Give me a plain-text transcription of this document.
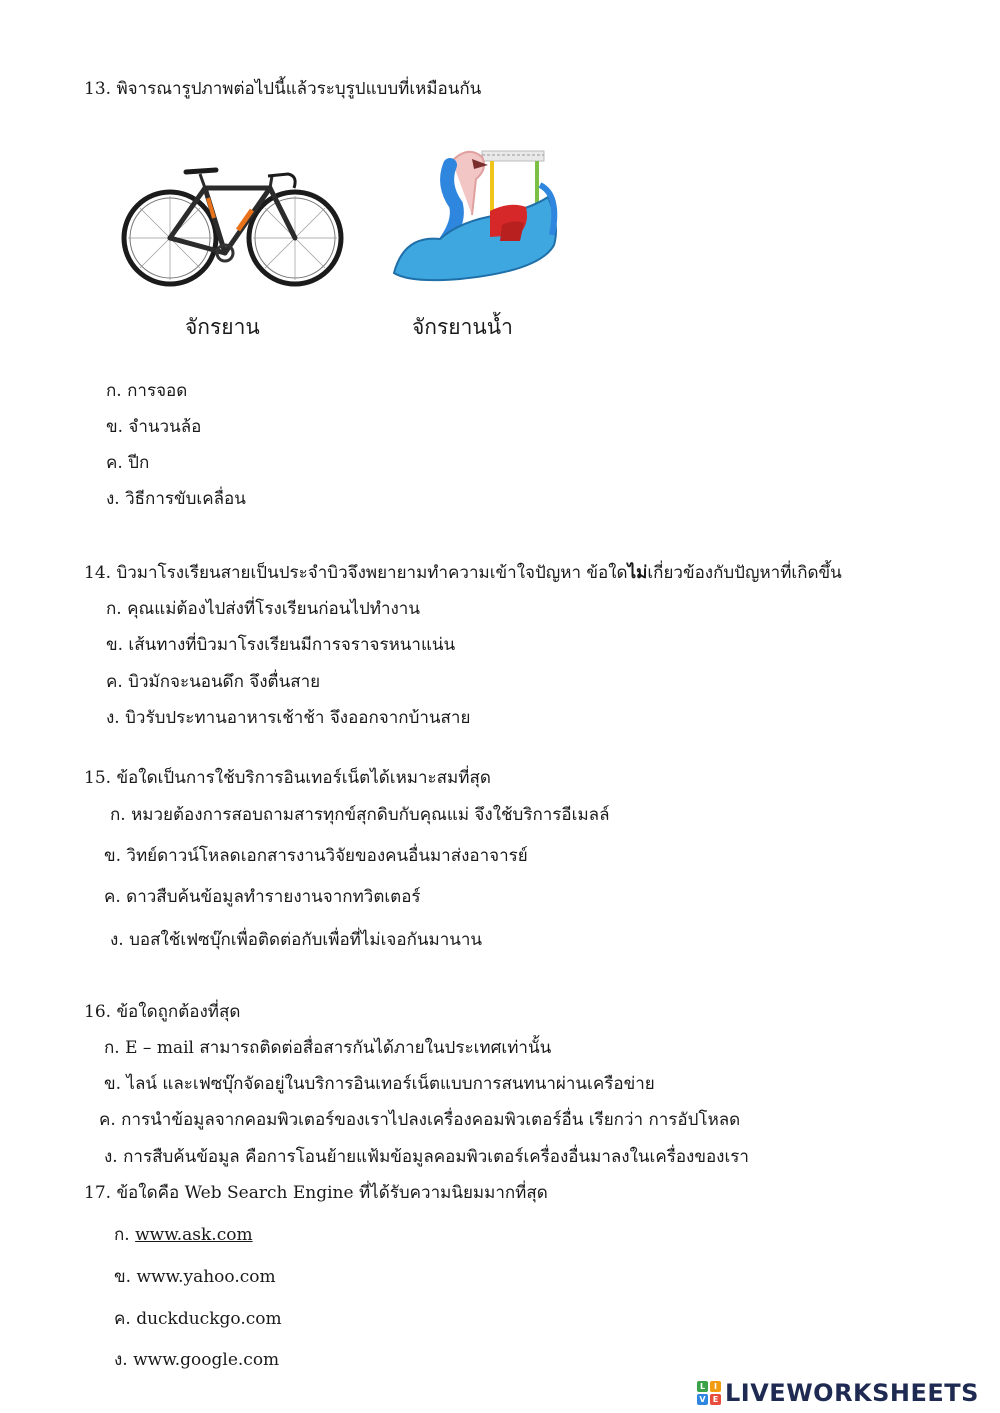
13. พิจารณารูปภาพต่อไปนี้แล้วระบุรูปแบบที่เหมือนกัน
จักรยาน	จักรยานน้ำ
ก. การจอด
ข. จำนวนล้อ
ค. ปีก
ง. วิธีการขับเคลื่อน
14. บิวมาโรงเรียนสายเป็นประจำบิวจึงพยายามทำความเข้าใจปัญหา ข้อใดไม่เกี่ยวข้องกับปัญหาที่เกิดขึ้น
ก. คุณแม่ต้องไปส่งที่โรงเรียนก่อนไปทำงาน
ข. เส้นทางที่บิวมาโรงเรียนมีการจราจรหนาแน่น
ค. บิวมักจะนอนดึก จึงตื่นสาย
ง. บิวรับประทานอาหารเช้าช้า จึงออกจากบ้านสาย
15. ข้อใดเป็นการใช้บริการอินเทอร์เน็ตได้เหมาะสมที่สุด
ก. หมวยต้องการสอบถามสารทุกข์สุกดิบกับคุณแม่ จึงใช้บริการอีเมลล์
ข. วิทย์ดาวน์โหลดเอกสารงานวิจัยของคนอื่นมาส่งอาจารย์
ค. ดาวสืบค้นข้อมูลทำรายงานจากทวิตเตอร์
ง. บอสใช้เฟซบุ๊กเพื่อติดต่อกับเพื่อที่ไม่เจอกันมานาน
16. ข้อใดถูกต้องที่สุด
ก. E – mail สามารถติดต่อสื่อสารกันได้ภายในประเทศเท่านั้น
ข. ไลน์ และเฟซบุ๊กจัดอยู่ในบริการอินเทอร์เน็ตแบบการสนทนาผ่านเครือข่าย
ค. การนำข้อมูลจากคอมพิวเตอร์ของเราไปลงเครื่องคอมพิวเตอร์อื่น เรียกว่า การอัปโหลด
ง. การสืบค้นข้อมูล คือการโอนย้ายแฟ้มข้อมูลคอมพิวเตอร์เครื่องอื่นมาลงในเครื่องของเรา
17. ข้อใดคือ Web Search Engine ที่ได้รับความนิยมมากที่สุด
ก. www.ask.com
ข. www.yahoo.com
ค. duckduckgo.com
ง. www.google.com
L	I
V E LIVEWORKSHEETS
